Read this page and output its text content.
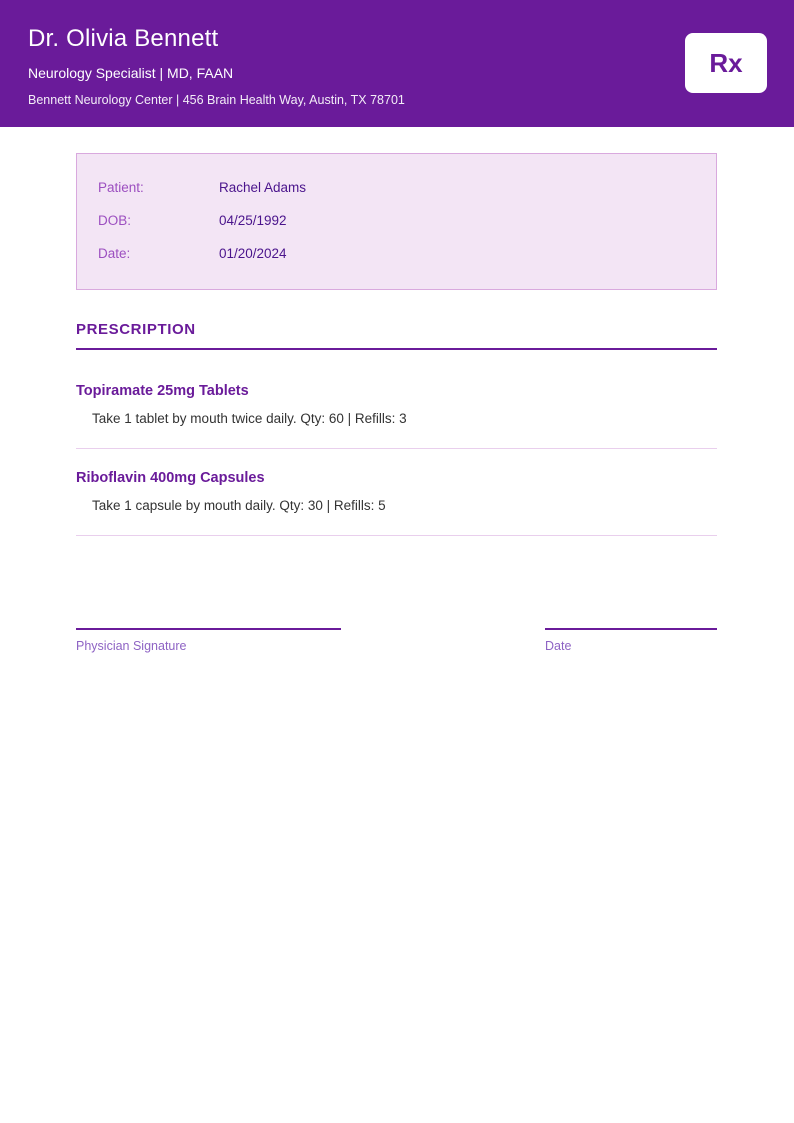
Dr. Olivia Bennett
Neurology Specialist | MD, FAAN
Bennett Neurology Center | 456 Brain Health Way, Austin, TX 78701
Rx
Patient:	Rachel Adams
DOB:	04/25/1992
Date:	01/20/2024
PRESCRIPTION
Topiramate 25mg Tablets
Take 1 tablet by mouth twice daily. Qty: 60 | Refills: 3
Riboflavin 400mg Capsules
Take 1 capsule by mouth daily. Qty: 30 | Refills: 5
Physician Signature	Date
